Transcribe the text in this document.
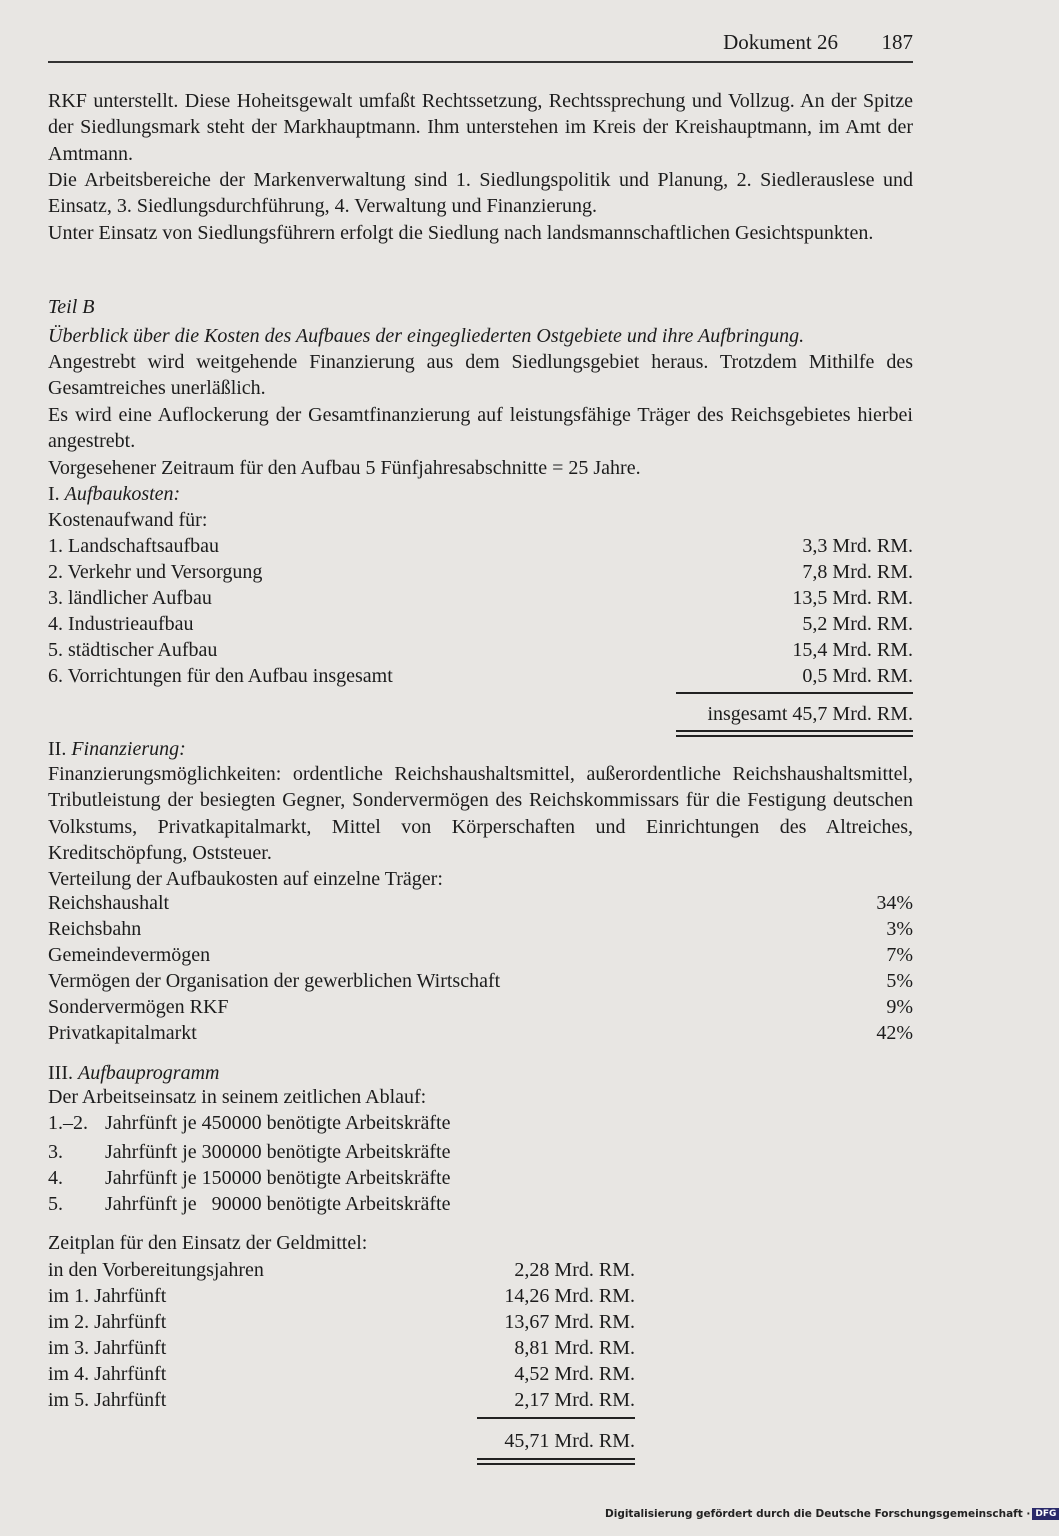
Dokument 26 187

RKF unterstellt. Diese Hoheitsgewalt umfaßt Rechtssetzung, Rechtssprechung und Vollzug. An der Spitze der Siedlungsmark steht der Markhauptmann. Ihm unterstehen im Kreis der Kreishauptmann, im Amt der Amtmann.

Die Arbeitsbereiche der Markenverwaltung sind 1. Siedlungspolitik und Planung, 2. Siedlerauslese und Einsatz, 3. Siedlungsdurchführung, 4. Verwaltung und Finanzierung.

Unter Einsatz von Siedlungsführern erfolgt die Siedlung nach landsmannschaftlichen Gesichtspunkten.

Teil B

Überblick über die Kosten des Aufbaues der eingegliederten Ostgebiete und ihre Aufbringung.

Angestrebt wird weitgehende Finanzierung aus dem Siedlungsgebiet heraus. Trotzdem Mithilfe des Gesamtreiches unerläßlich.

Es wird eine Auflockerung der Gesamtfinanzierung auf leistungsfähige Träger des Reichsgebietes hierbei angestrebt.

Vorgesehener Zeitraum für den Aufbau 5 Fünfjahresabschnitte = 25 Jahre.

I. Aufbaukosten:

Kostenaufwand für:

1. Landschaftsaufbau	3,3 Mrd. RM.
2. Verkehr und Versorgung	7,8 Mrd. RM.
3. ländlicher Aufbau	13,5 Mrd. RM.
4. Industrieaufbau	5,2 Mrd. RM.
5. städtischer Aufbau	15,4 Mrd. RM.
6. Vorrichtungen für den Aufbau insgesamt	0,5 Mrd. RM.
insgesamt 45,7 Mrd. RM.

II. Finanzierung:

Finanzierungsmöglichkeiten: ordentliche Reichshaushaltsmittel, außerordentliche Reichshaushaltsmittel, Tributleistung der besiegten Gegner, Sondervermögen des Reichskommissars für die Festigung deutschen Volkstums, Privatkapitalmarkt, Mittel von Körperschaften und Einrichtungen des Altreiches, Kreditschöpfung, Oststeuer.

Verteilung der Aufbaukosten auf einzelne Träger:

Reichshaushalt	34%
Reichsbahn	3%
Gemeindevermögen	7%
Vermögen der Organisation der gewerblichen Wirtschaft	5%
Sondervermögen RKF	9%
Privatkapitalmarkt	42%

III. Aufbauprogramm

Der Arbeitseinsatz in seinem zeitlichen Ablauf:

1.–2. Jahrfünft je 450000 benötigte Arbeitskräfte
3. Jahrfünft je 300000 benötigte Arbeitskräfte
4. Jahrfünft je 150000 benötigte Arbeitskräfte
5. Jahrfünft je   90000 benötigte Arbeitskräfte

Zeitplan für den Einsatz der Geldmittel:

in den Vorbereitungsjahren	2,28 Mrd. RM.
im 1. Jahrfünft	14,26 Mrd. RM.
im 2. Jahrfünft	13,67 Mrd. RM.
im 3. Jahrfünft	8,81 Mrd. RM.
im 4. Jahrfünft	4,52 Mrd. RM.
im 5. Jahrfünft	2,17 Mrd. RM.
45,71 Mrd. RM.
Digitalisierung gefördert durch die Deutsche Forschungsgemeinschaft · DFG
